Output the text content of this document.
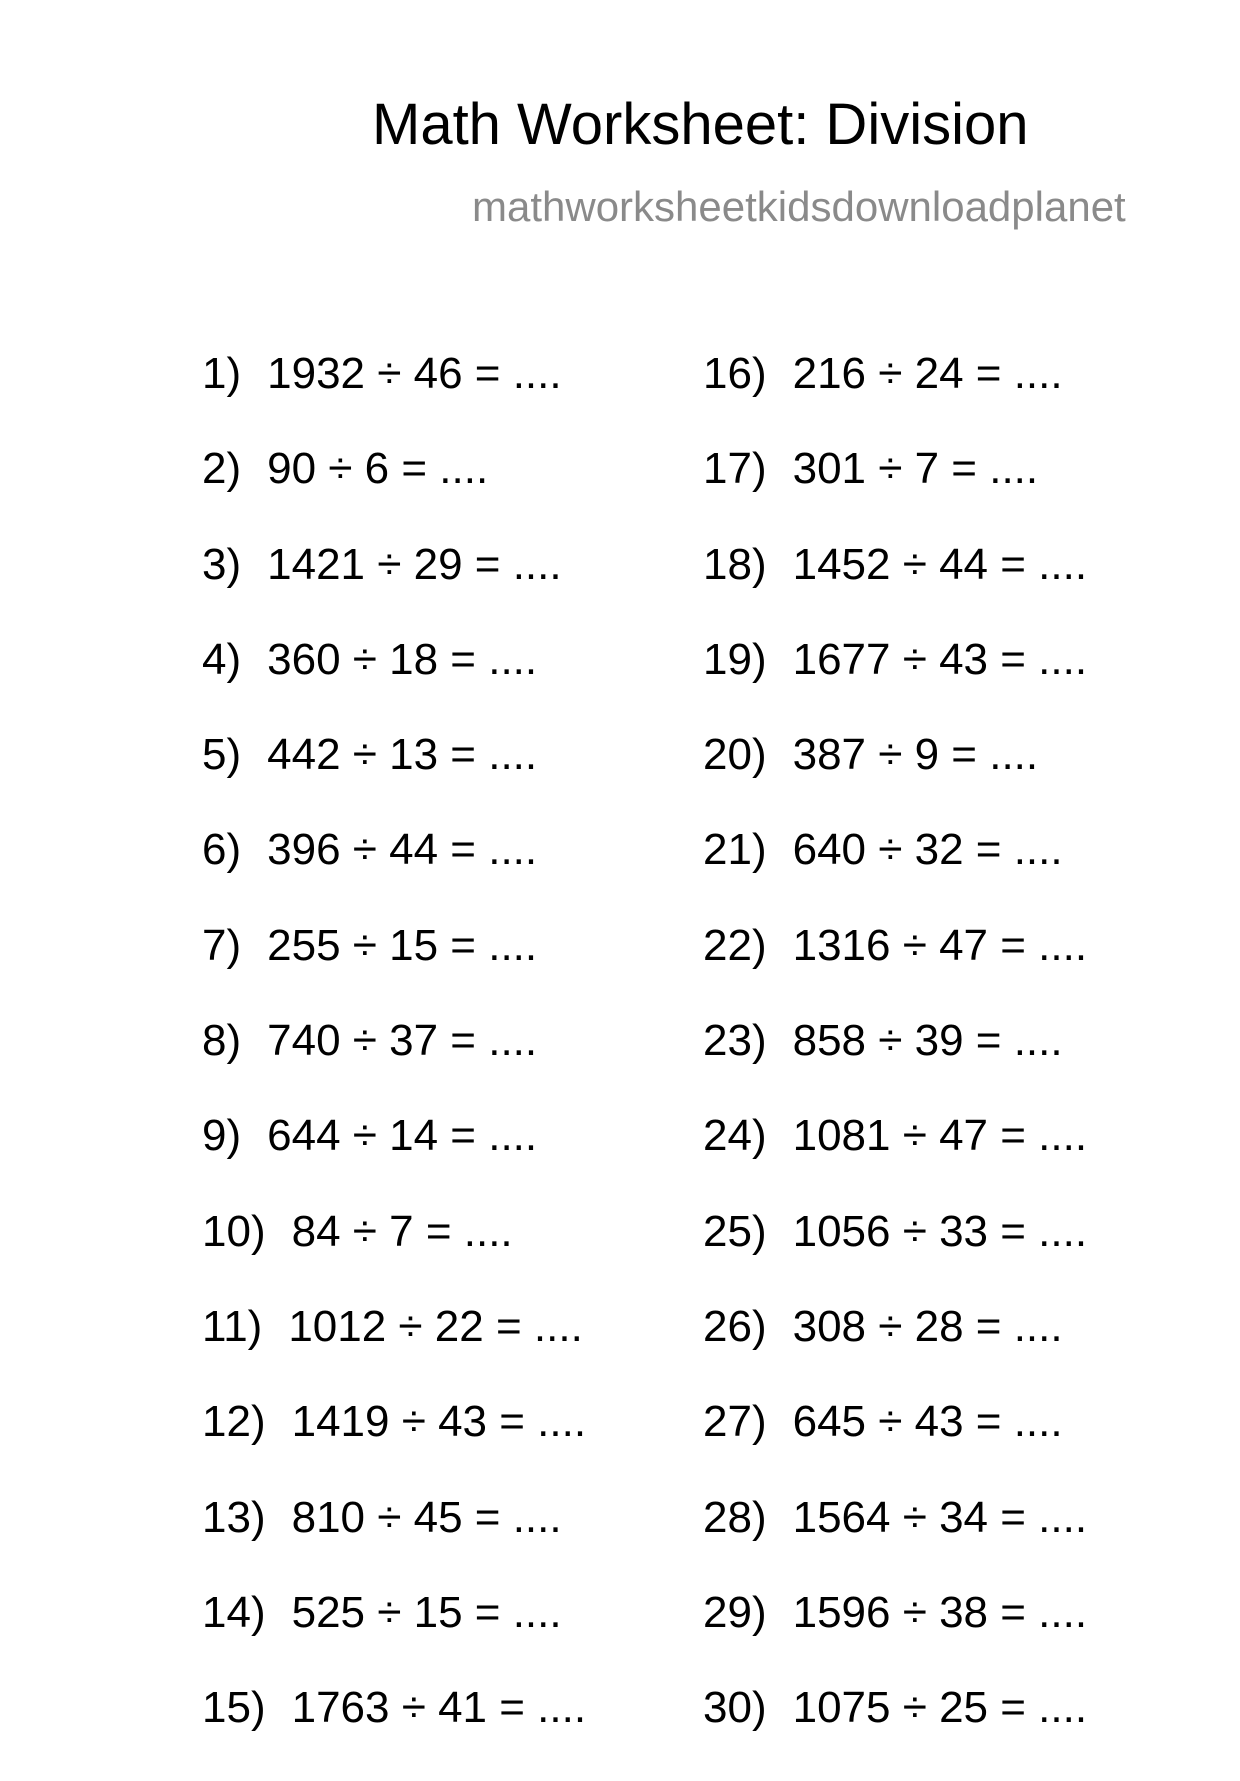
Math Worksheet: Division
mathworksheetkidsdownloadplanet
1) 1932 ÷ 46 = ....
2) 90 ÷ 6 = ....
3) 1421 ÷ 29 = ....
4) 360 ÷ 18 = ....
5) 442 ÷ 13 = ....
6) 396 ÷ 44 = ....
7) 255 ÷ 15 = ....
8) 740 ÷ 37 = ....
9) 644 ÷ 14 = ....
10) 84 ÷ 7 = ....
11) 1012 ÷ 22 = ....
12) 1419 ÷ 43 = ....
13) 810 ÷ 45 = ....
14) 525 ÷ 15 = ....
15) 1763 ÷ 41 = ....
16) 216 ÷ 24 = ....
17) 301 ÷ 7 = ....
18) 1452 ÷ 44 = ....
19) 1677 ÷ 43 = ....
20) 387 ÷ 9 = ....
21) 640 ÷ 32 = ....
22) 1316 ÷ 47 = ....
23) 858 ÷ 39 = ....
24) 1081 ÷ 47 = ....
25) 1056 ÷ 33 = ....
26) 308 ÷ 28 = ....
27) 645 ÷ 43 = ....
28) 1564 ÷ 34 = ....
29) 1596 ÷ 38 = ....
30) 1075 ÷ 25 = ....
